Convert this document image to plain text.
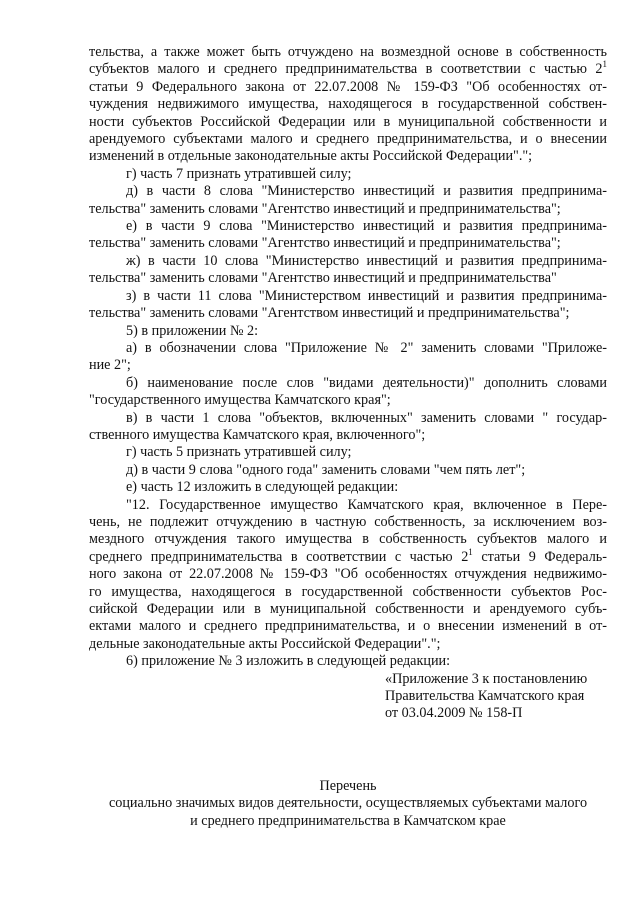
тельства, а также может быть отчуждено на возмездной основе в собственность
субъектов малого и среднего предпринимательства в соответствии с частью $2^1$
статьи 9 Федерального закона от 22.07.2008 № 159-ФЗ "Об особенностях от-
чуждения недвижимого имущества, находящегося в государственной собствен-
ности субъектов Российской Федерации или в муниципальной собственности и
арендуемого субъектами малого и среднего предпринимательства, и о внесении
изменений в отдельные законодательные акты Российской Федерации".";
г) часть 7 признать утратившей силу;
д) в части 8 слова "Министерство инвестиций и развития предпринима-
тельства" заменить словами "Агентство инвестиций и предпринимательства";
е) в части 9 слова "Министерство инвестиций и развития предпринима-
тельства" заменить словами "Агентство инвестиций и предпринимательства";
ж) в части 10 слова "Министерство инвестиций и развития предпринима-
тельства" заменить словами "Агентство инвестиций и предпринимательства"
з) в части 11 слова "Министерством инвестиций и развития предпринима-
тельства" заменить словами "Агентством инвестиций и предпринимательства";
5) в приложении № 2:
а) в обозначении слова "Приложение № 2" заменить словами "Приложе-
ние 2";
б) наименование после слов "видами деятельности)" дополнить словами
"государственного имущества Камчатского края";
в) в части 1 слова "объектов, включенных" заменить словами " государ-
ственного имущества Камчатского края, включенного";
г) часть 5 признать утратившей силу;
д) в части 9 слова "одного года" заменить словами "чем пять лет";
е) часть 12 изложить в следующей редакции:
"12. Государственное имущество Камчатского края, включенное в Пере-
чень, не подлежит отчуждению в частную собственность, за исключением воз-
мездного отчуждения такого имущества в собственность субъектов малого и
среднего предпринимательства в соответствии с частью $2^1$ статьи 9 Федераль-
ного закона от 22.07.2008 № 159-ФЗ "Об особенностях отчуждения недвижимо-
го имущества, находящегося в государственной собственности субъектов Рос-
сийской Федерации или в муниципальной собственности и арендуемого субъ-
ектами малого и среднего предпринимательства, и о внесении изменений в от-
дельные законодательные акты Российской Федерации".";
6) приложение № 3 изложить в следующей редакции:
«Приложение 3 к постановлению
Правительства Камчатского края
от 03.04.2009 № 158-П
Перечень
социально значимых видов деятельности, осуществляемых субъектами малого
и среднего предпринимательства в Камчатском крае
